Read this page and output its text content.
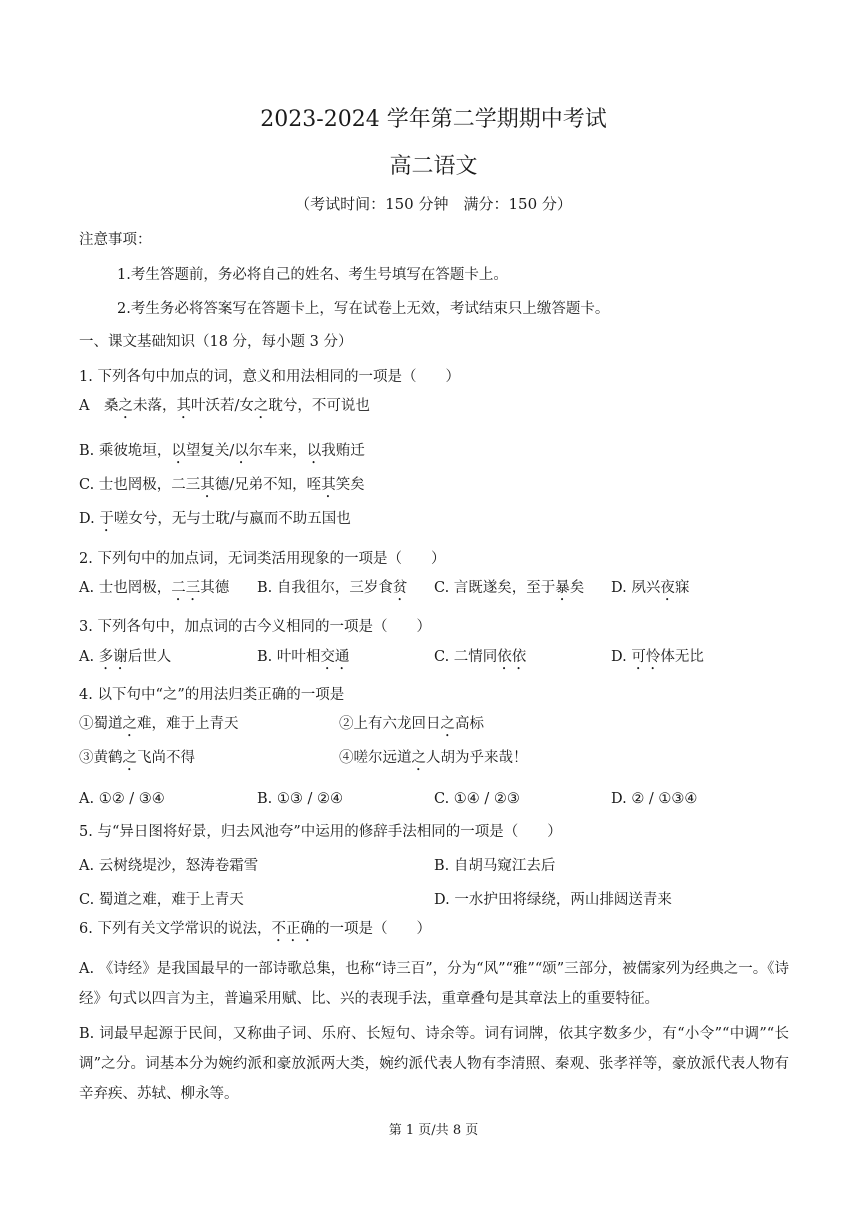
2023-2024 学年第二学期期中考试
高二语文
（考试时间：150 分钟　满分：150 分）
注意事项：
1.考生答题前，务必将自己的姓名、考生号填写在答题卡上。
2.考生务必将答案写在答题卡上，写在试卷上无效，考试结束只上缴答题卡。
一、课文基础知识（18 分，每小题 3 分）
1. 下列各句中加点的词，意义和用法相同的一项是（　　）
A　桑之未落，其叶沃若/女之耽兮，不可说也
B. 乘彼垝垣，以望复关/以尔车来，以我贿迁
C. 士也罔极，二三其德/兄弟不知，咥其笑矣
D. 于嗟女兮，无与士耽/与嬴而不助五国也
2. 下列句中的加点词，无词类活用现象的一项是（　　）
A. 士也罔极，二三其德 B. 自我徂尔，三岁食贫 C. 言既遂矣，至于暴矣 D. 夙兴夜寐
3. 下列各句中，加点词的古今义相同的一项是（　　）
A. 多谢后世人	B. 叶叶相交通	C. 二情同依依	D. 可怜体无比
4. 以下句中“之”的用法归类正确的一项是
①蜀道之难，难于上青天	②上有六龙回日之高标
③黄鹤之飞尚不得	④嗟尔远道之人胡为乎来哉！
A. ①② / ③④	B. ①③ / ②④	C. ①④ / ②③	D. ② / ①③④
5. 与“异日图将好景，归去风池夸”中运用的修辞手法相同的一项是（　　）
A. 云树绕堤沙，怒涛卷霜雪	B. 自胡马窥江去后
C. 蜀道之难，难于上青天	D. 一水护田将绿绕，两山排闼送青来
6. 下列有关文学常识的说法，不正确的一项是（　　）
A. 《诗经》是我国最早的一部诗歌总集，也称“诗三百”，分为“风”“雅”“颂”三部分，被儒家列为经典之一。《诗经》句式以四言为主，普遍采用赋、比、兴的表现手法，重章叠句是其章法上的重要特征。
B. 词最早起源于民间，又称曲子词、乐府、长短句、诗余等。词有词牌，依其字数多少，有“小令”“中调”“长调”之分。词基本分为婉约派和豪放派两大类，婉约派代表人物有李清照、秦观、张孝祥等，豪放派代表人物有辛弃疾、苏轼、柳永等。
第 1 页/共 8 页
